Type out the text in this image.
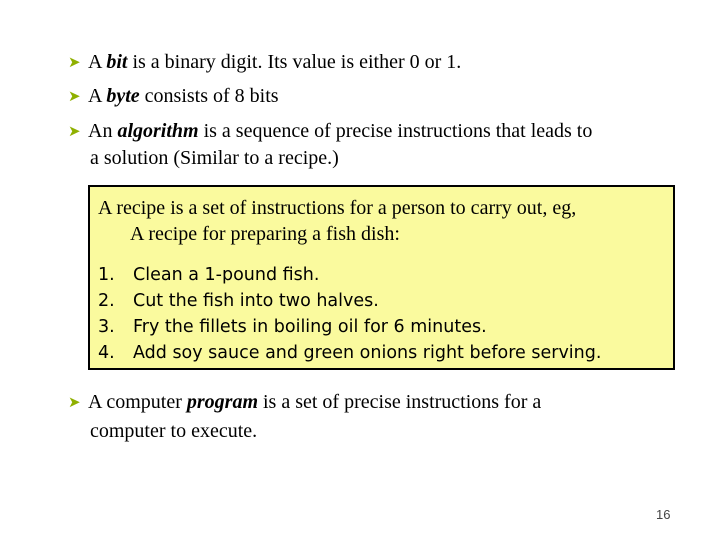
➤ A bit is a binary digit. Its value is either 0 or 1.
➤ A byte consists of 8 bits
➤ An algorithm is a sequence of precise instructions that leads to
a solution (Similar to a recipe.)
A recipe is a set of instructions for a person to carry out, eg,
A recipe for preparing a fish dish:
1. Clean a 1-pound fish.
2. Cut the fish into two halves.
3. Fry the fillets in boiling oil for 6 minutes.
4. Add soy sauce and green onions right before serving.
➤ A computer program is a set of precise instructions for a
computer to execute.
16
